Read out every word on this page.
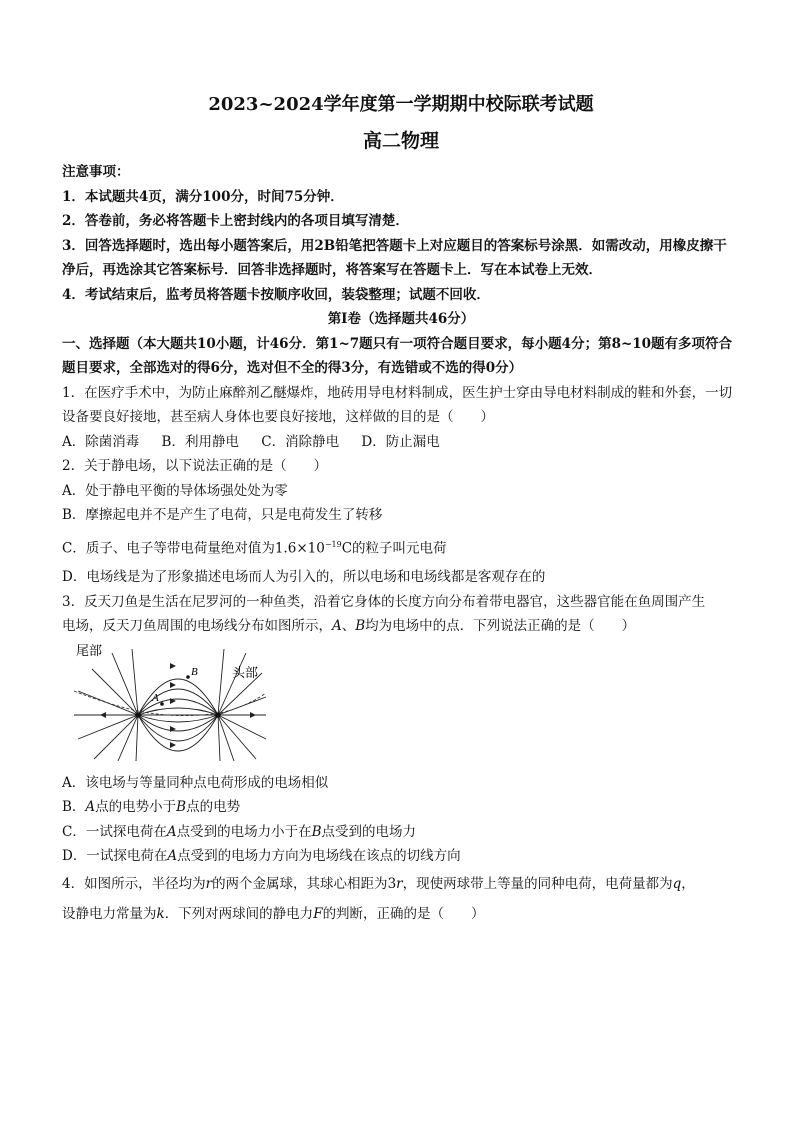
2023~2024学年度第一学期期中校际联考试题

高二物理

注意事项：

1．本试题共4页，满分100分，时间75分钟．

2．答卷前，务必将答题卡上密封线内的各项目填写清楚．

3．回答选择题时，选出每小题答案后，用2B铅笔把答题卡上对应题目的答案标号涂黑．如需改动，用橡皮擦干净后，再选涂其它答案标号．回答非选择题时，将答案写在答题卡上．写在本试卷上无效．

4．考试结束后，监考员将答题卡按顺序收回，装袋整理；试题不回收．

第Ⅰ卷（选择题共46分）

一、选择题（本大题共10小题，计46分．第1~7题只有一项符合题目要求，每小题4分；第8~10题有多项符合题目要求，全部选对的得6分，选对但不全的得3分，有选错或不选的得0分）

1．在医疗手术中，为防止麻醉剂乙醚爆炸，地砖用导电材料制成，医生护士穿由导电材料制成的鞋和外套，一切设备要良好接地，甚至病人身体也要良好接地，这样做的目的是（　　）

A．除菌消毒 B．利用静电 C．消除静电 D．防止漏电

2．关于静电场，以下说法正确的是（　　）

A．处于静电平衡的导体场强处处为零

B．摩擦起电并不是产生了电荷，只是电荷发生了转移

C．质子、电子等带电荷量绝对值为$1.6\times 10^{-19}C$的粒子叫元电荷

D．电场线是为了形象描述电场而人为引入的，所以电场和电场线都是客观存在的

3．反天刀鱼是生活在尼罗河的一种鱼类，沿着它身体的长度方向分布着带电器官，这些器官能在鱼周围产生

电场，反天刀鱼周围的电场线分布如图所示，A、B均为电场中的点．下列说法正确的是（　　）

尾部
头部
A
B

A．该电场与等量同种点电荷形成的电场相似

B．A点的电势小于B点的电势

C．一试探电荷在A点受到的电场力小于在B点受到的电场力

D．一试探电荷在A点受到的电场力方向为电场线在该点的切线方向

4．如图所示，半径均为r的两个金属球，其球心相距为3r，现使两球带上等量的同种电荷，电荷量都为q，

设静电力常量为k．下列对两球间的静电力F的判断，正确的是（　　）
